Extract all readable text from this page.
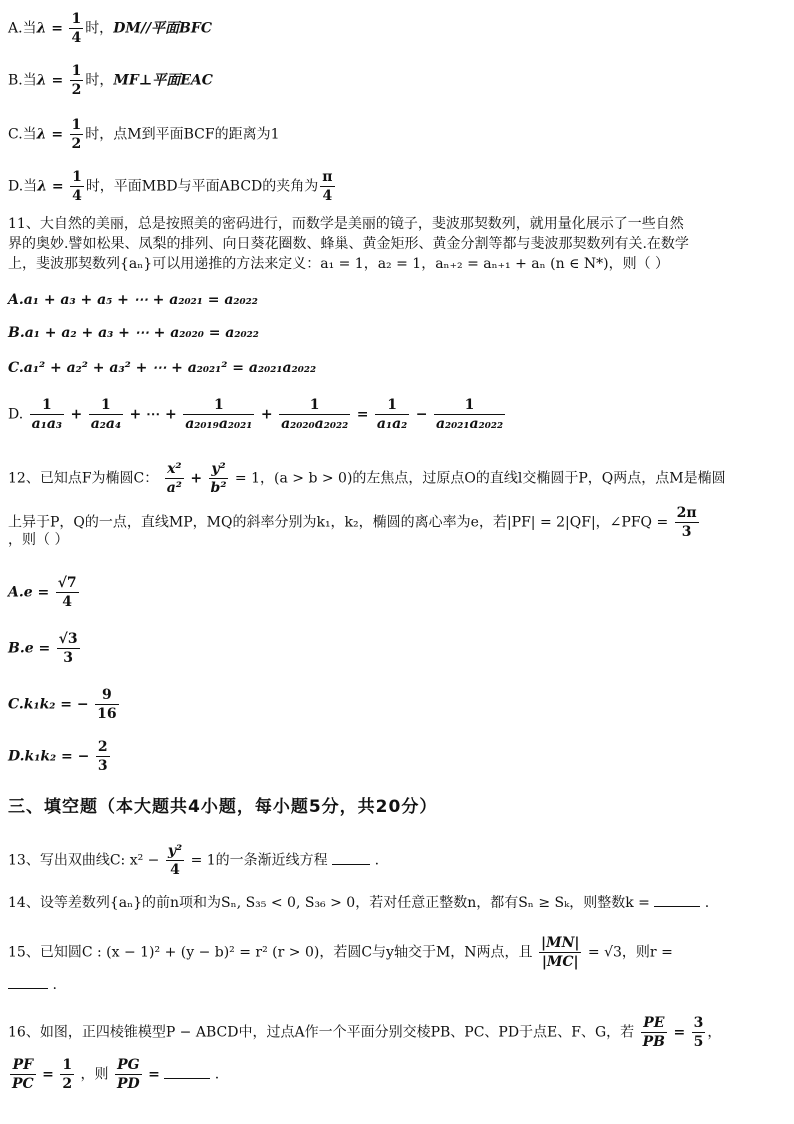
A.当$\lambda = \frac{1}{4}$ 时，DM//平面BFC
B.当$\lambda = \frac{1}{2}$ 时，MF⊥平面EAC
C.当$\lambda = \frac{1}{2}$ 时，点M到平面BCF的距离为1
D.当$\lambda = \frac{1}{4}$ 时，平面MBD与平面ABCD的夹角为 $\frac{\pi}{4}$
11、大自然的美丽，总是按照美的密码进行，而数学是美丽的镜子，斐波那契数列，就用量化展示了一些自然
界的奥妙.譬如松果、凤梨的排列、向日葵花圈数、蜂巢、黄金矩形、黄金分割等都与斐波那契数列有关.在数学
上，斐波那契数列{aₙ}可以用递推的方法来定义：a₁ = 1，a₂ = 1，aₙ₊₂ = aₙ₊₁ + aₙ (n ∈ N*)，则（ ）
A.a₁ + a₃ + a₅ + ⋯ + a₂₀₂₁ = a₂₀₂₂
B.a₁ + a₂ + a₃ + ⋯ + a₂₀₂₀ = a₂₀₂₂
C.a₁² + a₂² + a₃² + ⋯ + a₂₀₂₁² = a₂₀₂₁a₂₀₂₂
D. $\frac{1}{\text{a₁a₃}} + \frac{1}{\text{a₂a₄}}$ + ⋯ + $\frac{1}{\text{a₂₀₁₉a₂₀₂₁}} + \frac{1}{\text{a₂₀₂₀a₂₀₂₂}} = \frac{1}{\text{a₁a₂}} - \frac{1}{\text{a₂₀₂₁a₂₀₂₂}}$
12、已知点F为椭圆C： $\frac{\text{x²}}{\text{a²}} + \frac{\text{y²}}{\text{b²}} = 1$，(a > b > 0)的左焦点，过原点O的直线l交椭圆于P，Q两点，点M是椭圆
上异于P，Q的一点，直线MP，MQ的斜率分别为k₁，k₂，椭圆的离心率为e，若|PF| = 2|QF|，∠PFQ = $\frac{2\pi}{3}$
，则（ ）
$A.e = \frac{√7}{4}$
$B.e = \frac{√3}{3}$
C.k₁k₂ = − $\frac{9}{16}$
D.k₁k₂ = − $\frac{2}{3}$
三、填空题（本大题共4小题，每小题5分，共20分）
13、写出双曲线C: $x^2 - \frac{\text{y²}}{4} = 1$的一条渐近线方程	.
14、设等差数列{aₙ}的前n项和为Sₙ, S₃₅ < 0, S₃₆ > 0，若对任意正整数n，都有Sₙ ≥ Sₖ，则整数k =	.
15、已知圆C : (x − 1)² + (y − b)² = r² (r > 0)，若圆C与y轴交于M，N两点，且 $\frac{|MN|}{|MC|} = √3$，则r =
.
16、如图，正四棱锥模型P − ABCD中，过点A作一个平面分别交棱PB、PC、PD于点E、F、G，若 $\frac{PE}{PB} = \frac{3}{5}$ ，
$\frac{PF}{PC} = \frac{1}{2}$ ，则 $\frac{PG}{PD}$ =	.
